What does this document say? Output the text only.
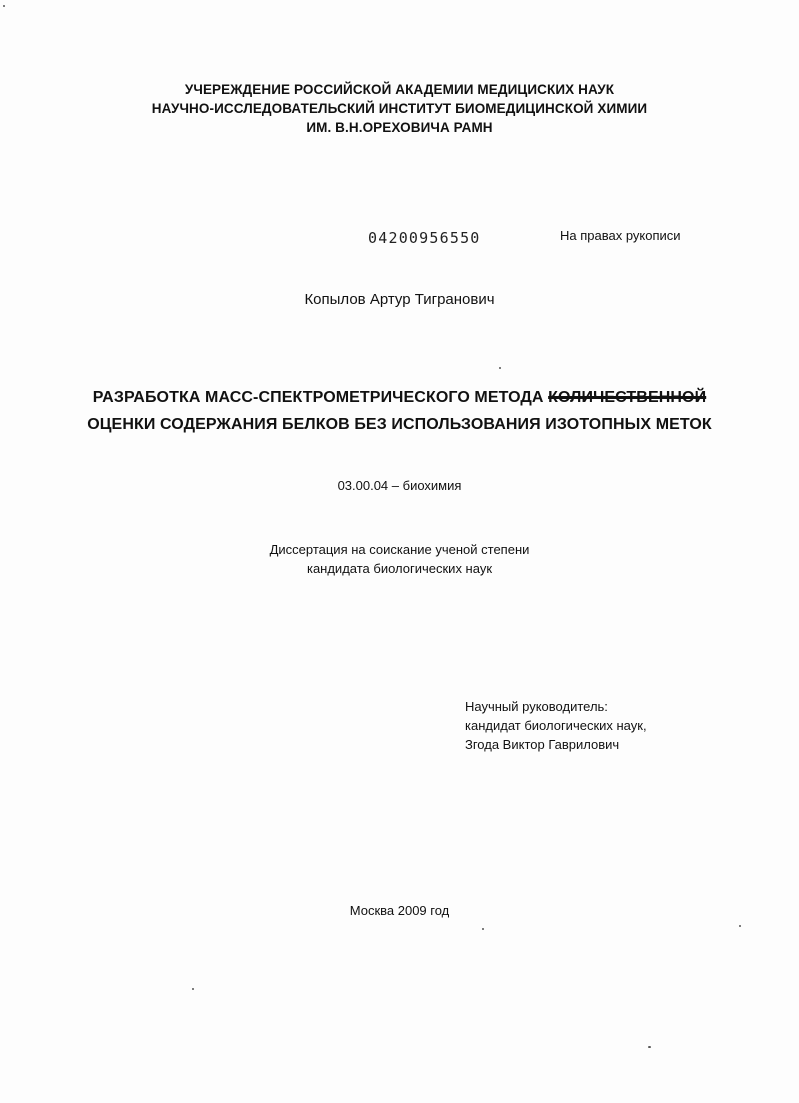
УЧЕРЕЖДЕНИЕ РОССИЙСКОЙ АКАДЕМИИ МЕДИЦИСКИХ НАУК
НАУЧНО-ИССЛЕДОВАТЕЛЬСКИЙ ИНСТИТУТ БИОМЕДИЦИНСКОЙ ХИМИИ
ИМ. В.Н.ОРЕХОВИЧА РАМН
04200956550	На правах рукописи
Копылов Артур Тигранович
РАЗРАБОТКА МАСС-СПЕКТРОМЕТРИЧЕСКОГО МЕТОДА КОЛИЧЕСТВЕННОЙ
ОЦЕНКИ СОДЕРЖАНИЯ БЕЛКОВ БЕЗ ИСПОЛЬЗОВАНИЯ ИЗОТОПНЫХ МЕТОК
03.00.04 – биохимия
Диссертация на соискание ученой степени
кандидата биологических наук
Научный руководитель:
кандидат биологических наук,
Згода Виктор Гаврилович
Москва 2009 год
